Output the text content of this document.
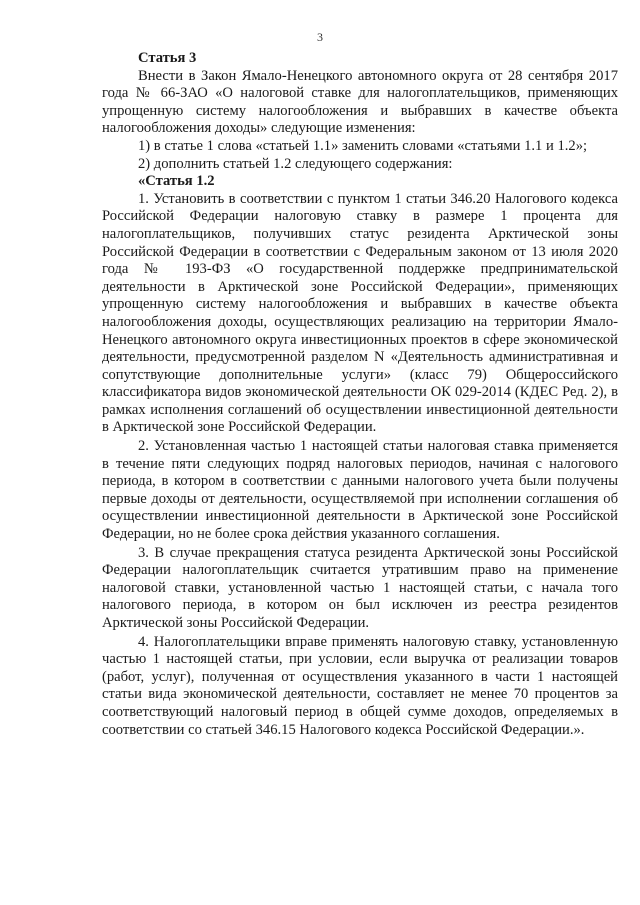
3
Статья 3

Внести в Закон Ямало-Ненецкого автономного округа от 28 сентября 2017 года № 66-ЗАО «О налоговой ставке для налогоплательщиков, применяющих упрощенную систему налогообложения и выбравших в качестве объекта налогообложения доходы» следующие изменения:

1) в статье 1 слова «статьей 1.1» заменить словами «статьями 1.1 и 1.2»;

2) дополнить статьей 1.2 следующего содержания:

«Статья 1.2

1. Установить в соответствии с пунктом 1 статьи 346.20 Налогового кодекса Российской Федерации налоговую ставку в размере 1 процента для налогоплательщиков, получивших статус резидента Арктической зоны Российской Федерации в соответствии с Федеральным законом от 13 июля 2020 года № 193-ФЗ «О государственной поддержке предпринимательской деятельности в Арктической зоне Российской Федерации», применяющих упрощенную систему налогообложения и выбравших в качестве объекта налогообложения доходы, осуществляющих реализацию на территории Ямало-Ненецкого автономного округа инвестиционных проектов в сфере экономической деятельности, предусмотренной разделом N «Деятельность административная и сопутствующие дополнительные услуги» (класс 79) Общероссийского классификатора видов экономической деятельности ОК 029-2014 (КДЕС Ред. 2), в рамках исполнения соглашений об осуществлении инвестиционной деятельности в Арктической зоне Российской Федерации.

2. Установленная частью 1 настоящей статьи налоговая ставка применяется в течение пяти следующих подряд налоговых периодов, начиная с налогового периода, в котором в соответствии с данными налогового учета были получены первые доходы от деятельности, осуществляемой при исполнении соглашения об осуществлении инвестиционной деятельности в Арктической зоне Российской Федерации, но не более срока действия указанного соглашения.

3. В случае прекращения статуса резидента Арктической зоны Российской Федерации налогоплательщик считается утратившим право на применение налоговой ставки, установленной частью 1 настоящей статьи, с начала того налогового периода, в котором он был исключен из реестра резидентов Арктической зоны Российской Федерации.

4. Налогоплательщики вправе применять налоговую ставку, установленную частью 1 настоящей статьи, при условии, если выручка от реализации товаров (работ, услуг), полученная от осуществления указанного в части 1 настоящей статьи вида экономической деятельности, составляет не менее 70 процентов за соответствующий налоговый период в общей сумме доходов, определяемых в соответствии со статьей 346.15 Налогового кодекса Российской Федерации.».
